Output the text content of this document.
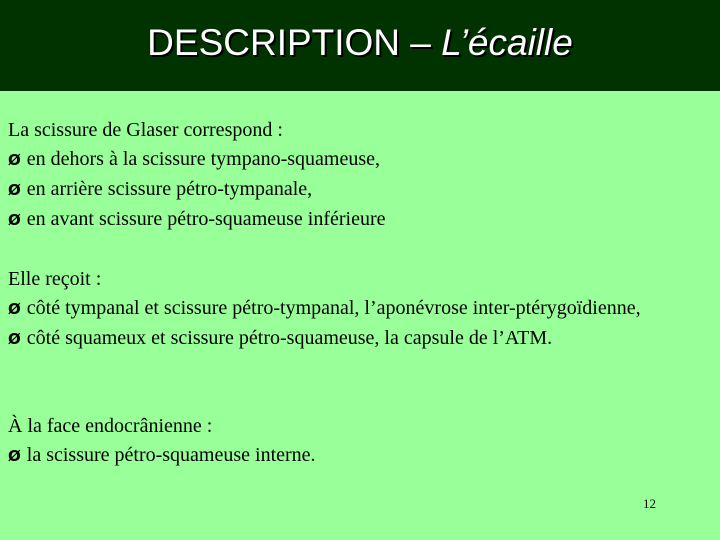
DESCRIPTION – L’écaille
La scissure de Glaser correspond :
Ø en dehors à la scissure tympano-squameuse,
Ø en arrière scissure pétro-tympanale,
Ø en avant scissure pétro-squameuse inférieure
Elle reçoit :
Ø côté tympanal et scissure pétro-tympanal, l’aponévrose inter-ptérygoïdienne,
Ø côté squameux et scissure pétro-squameuse, la capsule de l’ATM.
À la face endocrânienne :
Ø la scissure pétro-squameuse interne.
12
